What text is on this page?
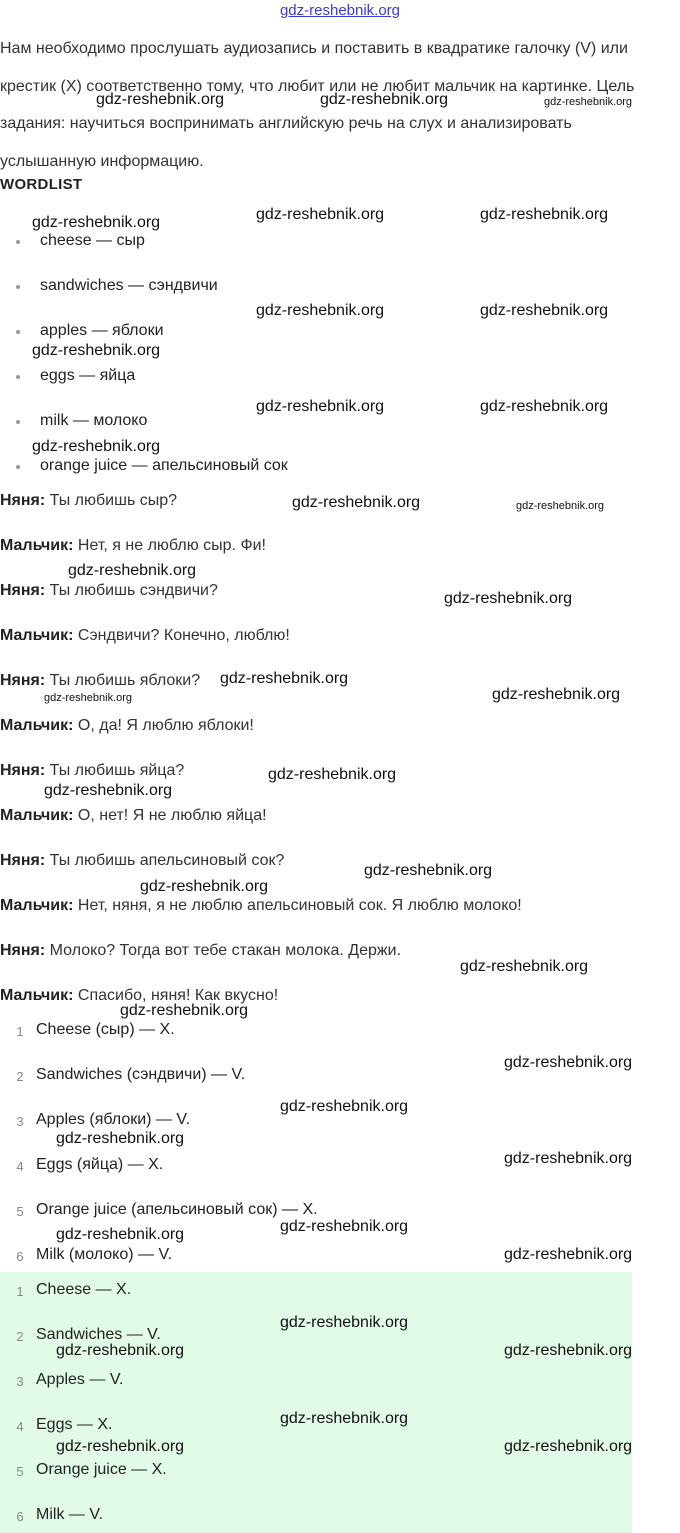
gdz-reshebnik.org
Нам необходимо прослушать аудиозапись и поставить в квадратике галочку (V) или крестик (X) соответственно тому, что любит или не любит мальчик на картинке. Цель задания: научиться воспринимать английскую речь на слух и анализировать услышанную информацию.
WORDLIST
cheese — сыр
sandwiches — сэндвичи
apples — яблоки
eggs — яйца
milk — молоко
orange juice — апельсиновый сок
Няня: Ты любишь сыр?
Мальчик: Нет, я не люблю сыр. Фи!
Няня: Ты любишь сэндвичи?
Мальчик: Сэндвичи? Конечно, люблю!
Няня: Ты любишь яблоки?
Мальчик: О, да! Я люблю яблоки!
Няня: Ты любишь яйца?
Мальчик: О, нет! Я не люблю яйца!
Няня: Ты любишь апельсиновый сок?
Мальчик: Нет, няня, я не люблю апельсиновый сок. Я люблю молоко!
Няня: Молоко? Тогда вот тебе стакан молока. Держи.
Мальчик: Спасибо, няня! Как вкусно!
1 Cheese (сыр) — X.
2 Sandwiches (сэндвичи) — V.
3 Apples (яблоки) — V.
4 Eggs (яйца) — X.
5 Orange juice (апельсиновый сок) — X.
6 Milk (молоко) — V.
1 Cheese — X.
2 Sandwiches — V.
3 Apples — V.
4 Eggs — X.
5 Orange juice — X.
6 Milk — V.
gdz-reshebnik.org	gdz-reshebnik.org	gdz-reshebnik.org
gdz-reshebnik.org	gdz-reshebnik.org	gdz-reshebnik.org
gdz-reshebnik.org	gdz-reshebnik.org
gdz-reshebnik.org
gdz-reshebnik.org	gdz-reshebnik.org
gdz-reshebnik.org
gdz-reshebnik.org	gdz-reshebnik.org
gdz-reshebnik.org
gdz-reshebnik.org
gdz-reshebnik.org
gdz-reshebnik.org	gdz-reshebnik.org
gdz-reshebnik.org
gdz-reshebnik.org
gdz-reshebnik.org
gdz-reshebnik.org
gdz-reshebnik.org
gdz-reshebnik.org
gdz-reshebnik.org
gdz-reshebnik.org
gdz-reshebnik.org
gdz-reshebnik.org
gdz-reshebnik.org
gdz-reshebnik.org
gdz-reshebnik.org
gdz-reshebnik.org
gdz-reshebnik.org	gdz-reshebnik.org
gdz-reshebnik.org
gdz-reshebnik.org	gdz-reshebnik.org
